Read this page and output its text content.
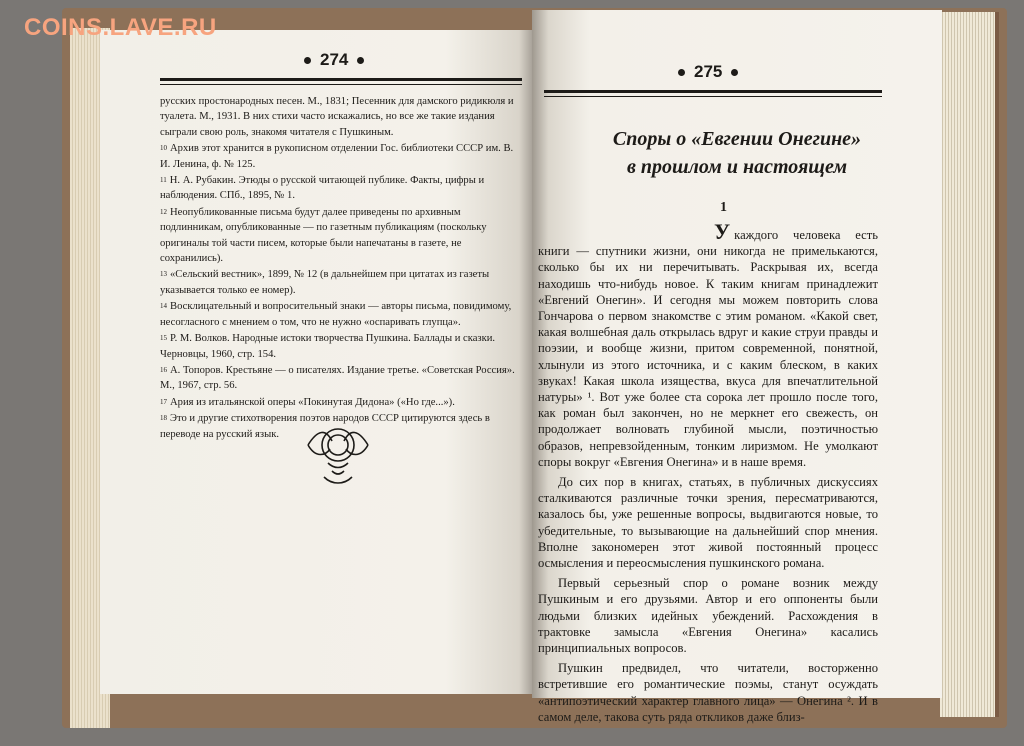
COINS.LAVE.RU
274

русских простонародных песен. М., 1831; Песенник для дамского ридикюля и туалета. М., 1931. В них стихи часто искажались, но все же такие издания сыграли свою роль, знакомя читателя с Пушкиным.

$^{10}$ Архив этот хранится в рукописном отделении Гос. библиотеки СССР им. В. И. Ленина, ф. № 125.

$^{11}$ Н. А. Рубакин. Этюды о русской читающей публике. Факты, цифры и наблюдения. СПб., 1895, № 1.

$^{12}$ Неопубликованные письма будут далее приведены по архивным подлинникам, опубликованные — по газетным публикациям (поскольку оригиналы той части писем, которые были напечатаны в газете, не сохранились).

$^{13}$ «Сельский вестник», 1899, № 12 (в дальнейшем при цитатах из газеты указывается только ее номер).

$^{14}$ Восклицательный и вопросительный знаки — авторы письма, повидимому, несогласного с мнением о том, что не нужно «оспаривать глупца».

$^{15}$ Р. М. Волков. Народные истоки творчества Пушкина. Баллады и сказки. Черновцы, 1960, стр. 154.

$^{16}$ А. Топоров. Крестьяне — о писателях. Издание третье. «Советская Россия». М., 1967, стр. 56.

$^{17}$ Ария из итальянской оперы «Покинутая Дидона» («Но где...»).

$^{18}$ Это и другие стихотворения поэтов народов СССР цитируются здесь в переводе на русский язык.

275
Споры о «Евгении Онегине»
в прошлом и настоящем
1

Укаждого человека есть книги — спутники жизни, они никогда не примелькаются, сколько бы их ни перечитывать. Раскрывая их, всегда находишь что-нибудь новое. К таким книгам принадлежит «Евгений Онегин». И сегодня мы можем повторить слова Гончарова о первом знакомстве с этим романом. «Какой свет, какая волшебная даль открылась вдруг и какие струи правды и поэзии, и вообще жизни, притом современной, понятной, хлынули из этого источника, и с каким блеском, в каких звуках! Какая школа изящества, вкуса для впечатлительной натуры» ¹. Вот уже более ста сорока лет прошло после того, как роман был закончен, но не меркнет его свежесть, он продолжает волновать глубиной мысли, поэтичностью образов, непревзойденным, тонким лиризмом. Не умолкают споры вокруг «Евгения Онегина» и в наше время.

До сих пор в книгах, статьях, в публичных дискуссиях сталкиваются различные точки зрения, пересматриваются, казалось бы, уже решенные вопросы, выдвигаются новые, то убедительные, то вызывающие на дальнейший спор мнения. Вполне закономерен этот живой постоянный процесс осмысления и переосмысления пушкинского романа.

Первый серьезный спор о романе возник между Пушкиным и его друзьями. Автор и его оппоненты были людьми близких идейных убеждений. Расхождения в трактовке замысла «Евгения Онегина» касались принципиальных вопросов.

Пушкин предвидел, что читатели, восторженно встретившие его романтические поэмы, станут осуждать «антипоэтический характер главного лица» — Онегина ². И в самом деле, такова суть ряда откликов даже близ-
